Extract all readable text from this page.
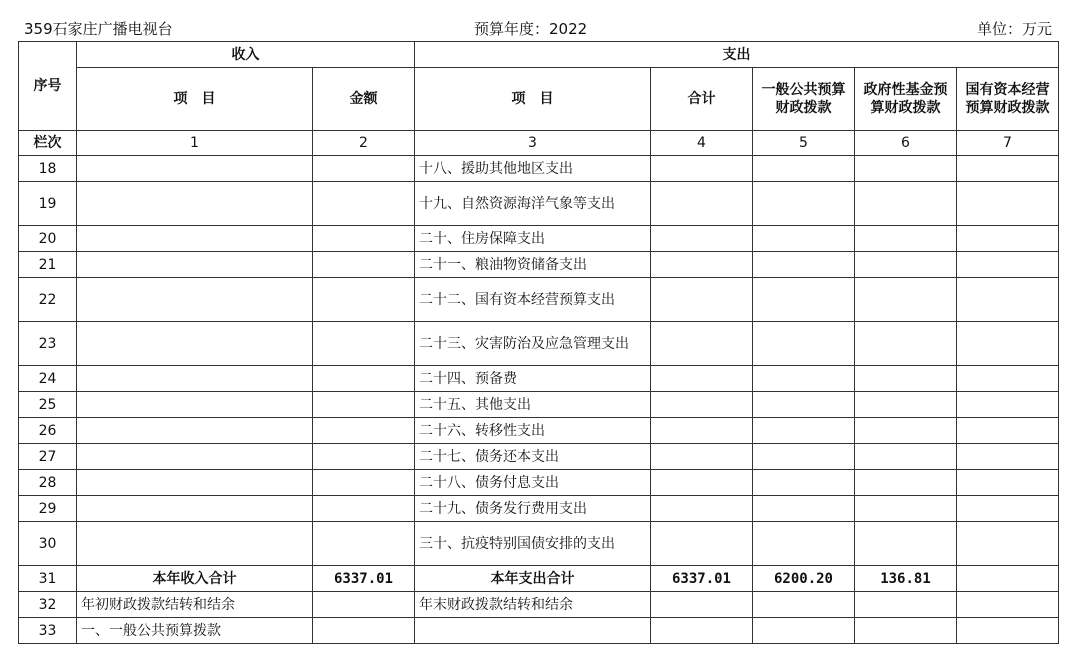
359石家庄广播电视台	预算年度：2022	单位：万元
序号	收入		支出				
	项　目	金额	项　目	合计	一般公共预算财政拨款	政府性基金预算财政拨款	国有资本经营预算财政拨款
栏次	1	2	3	4	5	6	7
18			十八、援助其他地区支出				
19			十九、自然资源海洋气象等支出				
20			二十、住房保障支出				
21			二十一、粮油物资储备支出				
22			二十二、国有资本经营预算支出				
23			二十三、灾害防治及应急管理支出				
24			二十四、预备费				
25			二十五、其他支出				
26			二十六、转移性支出				
27			二十七、债务还本支出				
28			二十八、债务付息支出				
29			二十九、债务发行费用支出				
30			三十、抗疫特别国债安排的支出				
31	本年收入合计	6337.01	本年支出合计	6337.01	6200.20	136.81	
32	年初财政拨款结转和结余		年末财政拨款结转和结余				
33	一、一般公共预算拨款						
